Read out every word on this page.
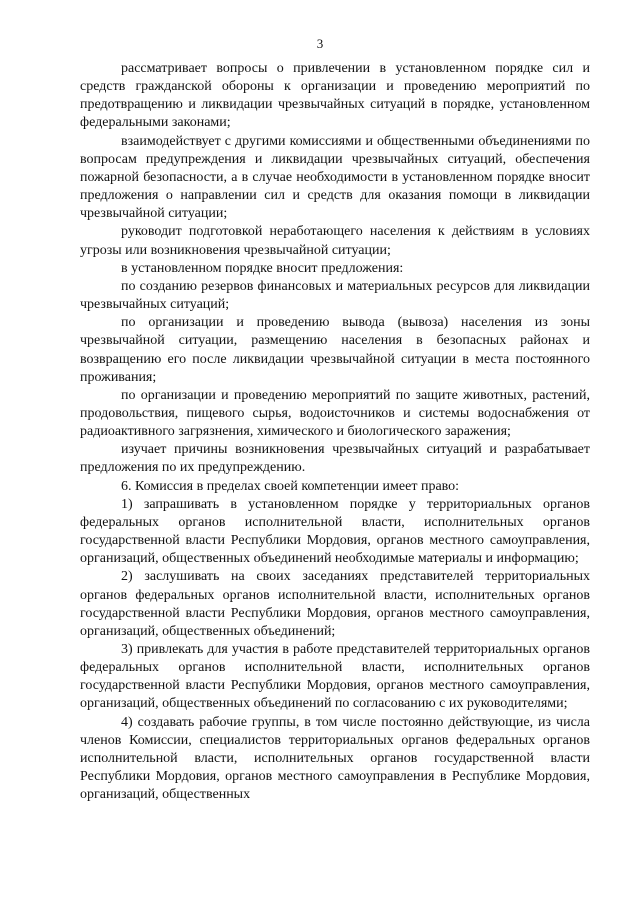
3

рассматривает вопросы о привлечении в установленном порядке сил и средств гражданской обороны к организации и проведению мероприятий по предотвращению и ликвидации чрезвычайных ситуаций в порядке, установленном федеральными законами;

взаимодействует с другими комиссиями и общественными объединениями по вопросам предупреждения и ликвидации чрезвычайных ситуаций, обеспечения пожарной безопасности, а в случае необходимости в установленном порядке вносит предложения о направлении сил и средств для оказания помощи в ликвидации чрезвычайной ситуации;

руководит подготовкой неработающего населения к действиям в условиях угрозы или возникновения чрезвычайной ситуации;

в установленном порядке вносит предложения:

по созданию резервов финансовых и материальных ресурсов для ликвидации чрезвычайных ситуаций;

по организации и проведению вывода (вывоза) населения из зоны чрезвычайной ситуации, размещению населения в безопасных районах и возвращению его после ликвидации чрезвычайной ситуации в места постоянного проживания;

по организации и проведению мероприятий по защите животных, растений, продовольствия, пищевого сырья, водоисточников и системы водоснабжения от радиоактивного загрязнения, химического и биологического заражения;

изучает причины возникновения чрезвычайных ситуаций и разрабатывает предложения по их предупреждению.

6. Комиссия в пределах своей компетенции имеет право:

1) запрашивать в установленном порядке у территориальных органов федеральных органов исполнительной власти, исполнительных органов государственной власти Республики Мордовия, органов местного самоуправления, организаций, общественных объединений необходимые материалы и информацию;

2) заслушивать на своих заседаниях представителей территориальных органов федеральных органов исполнительной власти, исполнительных органов государственной власти Республики Мордовия, органов местного самоуправления, организаций, общественных объединений;

3) привлекать для участия в работе представителей территориальных органов федеральных органов исполнительной власти, исполнительных органов государственной власти Республики Мордовия, органов местного самоуправления, организаций, общественных объединений по согласованию с их руководителями;

4) создавать рабочие группы, в том числе постоянно действующие, из числа членов Комиссии, специалистов территориальных органов федеральных органов исполнительной власти, исполнительных органов государственной власти Республики Мордовия, органов местного самоуправления в Республике Мордовия, организаций, общественных
